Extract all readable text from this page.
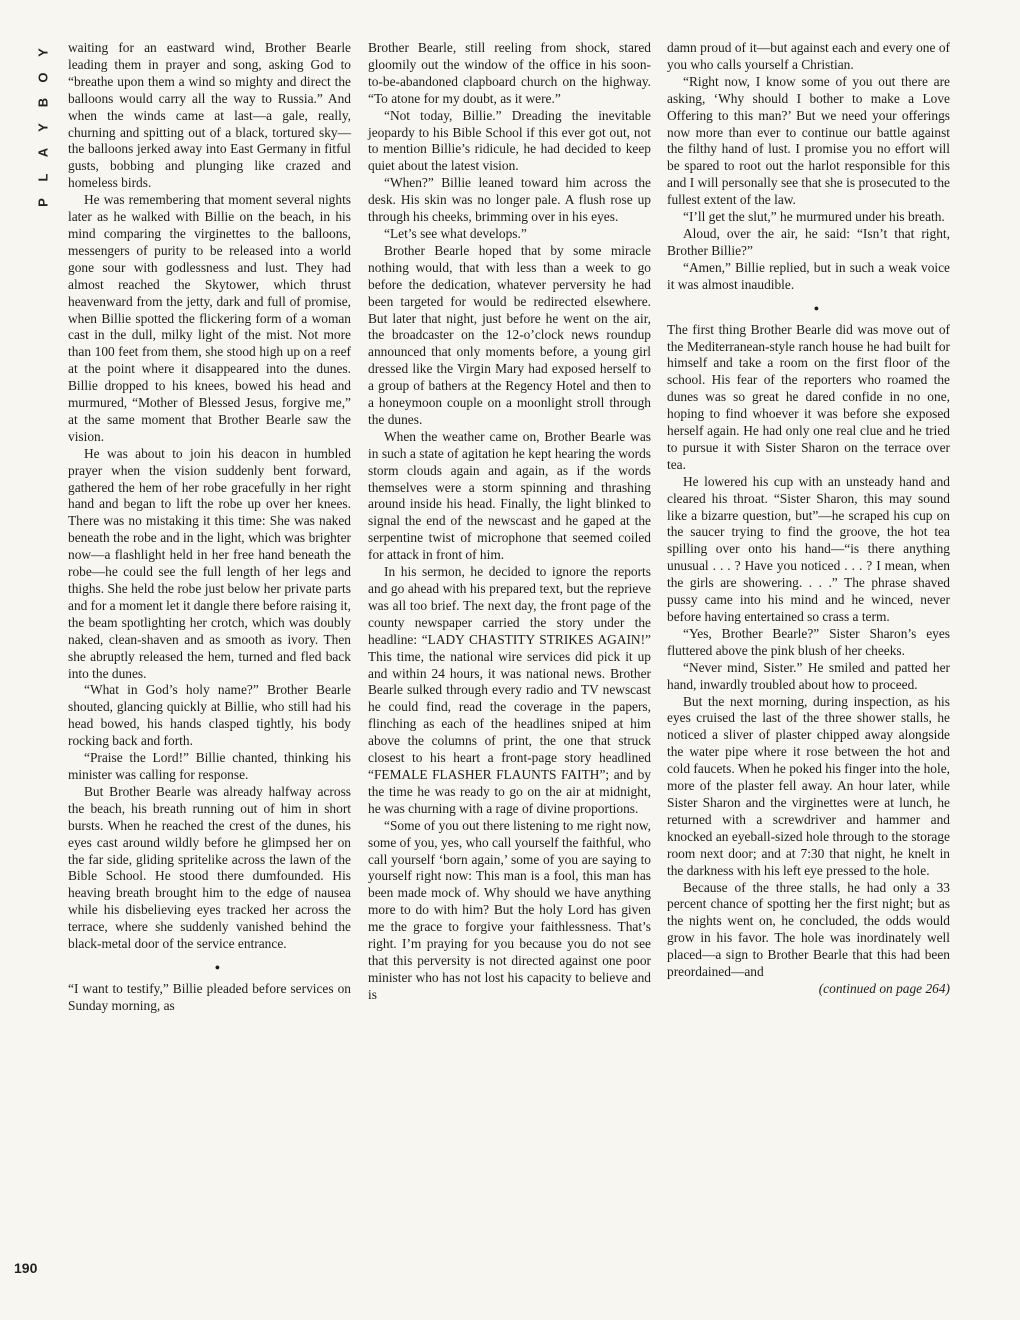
Y
O
B
Y
A
L
P
190

waiting for an eastward wind, Brother Bearle leading them in prayer and song, asking God to “breathe upon them a wind so mighty and direct the balloons would carry all the way to Russia.” And when the winds came at last—a gale, really, churning and spitting out of a black, tortured sky—the balloons jerked away into East Germany in fitful gusts, bobbing and plunging like crazed and homeless birds.

He was remembering that moment several nights later as he walked with Billie on the beach, in his mind comparing the virginettes to the balloons, messengers of purity to be released into a world gone sour with godlessness and lust. They had almost reached the Skytower, which thrust heavenward from the jetty, dark and full of promise, when Billie spotted the flickering form of a woman cast in the dull, milky light of the mist. Not more than 100 feet from them, she stood high up on a reef at the point where it disappeared into the dunes. Billie dropped to his knees, bowed his head and murmured, “Mother of Blessed Jesus, forgive me,” at the same moment that Brother Bearle saw the vision.

He was about to join his deacon in humbled prayer when the vision suddenly bent forward, gathered the hem of her robe gracefully in her right hand and began to lift the robe up over her knees. There was no mistaking it this time: She was naked beneath the robe and in the light, which was brighter now—a flashlight held in her free hand beneath the robe—he could see the full length of her legs and thighs. She held the robe just below her private parts and for a moment let it dangle there before raising it, the beam spotlighting her crotch, which was doubly naked, clean-shaven and as smooth as ivory. Then she abruptly released the hem, turned and fled back into the dunes.

“What in God’s holy name?” Brother Bearle shouted, glancing quickly at Billie, who still had his head bowed, his hands clasped tightly, his body rocking back and forth.

“Praise the Lord!” Billie chanted, thinking his minister was calling for response.

But Brother Bearle was already halfway across the beach, his breath running out of him in short bursts. When he reached the crest of the dunes, his eyes cast around wildly before he glimpsed her on the far side, gliding spritelike across the lawn of the Bible School. He stood there dumfounded. His heaving breath brought him to the edge of nausea while his disbelieving eyes tracked her across the terrace, where she suddenly vanished behind the black-metal door of the service entrance.

●

“I want to testify,” Billie pleaded before services on Sunday morning, as

Brother Bearle, still reeling from shock, stared gloomily out the window of the office in his soon-to-be-abandoned clapboard church on the highway. “To atone for my doubt, as it were.”

“Not today, Billie.” Dreading the inevitable jeopardy to his Bible School if this ever got out, not to mention Billie’s ridicule, he had decided to keep quiet about the latest vision.

“When?” Billie leaned toward him across the desk. His skin was no longer pale. A flush rose up through his cheeks, brimming over in his eyes.

“Let’s see what develops.”

Brother Bearle hoped that by some miracle nothing would, that with less than a week to go before the dedication, whatever perversity he had been targeted for would be redirected elsewhere. But later that night, just before he went on the air, the broadcaster on the 12-o’clock news roundup announced that only moments before, a young girl dressed like the Virgin Mary had exposed herself to a group of bathers at the Regency Hotel and then to a honeymoon couple on a moonlight stroll through the dunes.

When the weather came on, Brother Bearle was in such a state of agitation he kept hearing the words storm clouds again and again, as if the words themselves were a storm spinning and thrashing around inside his head. Finally, the light blinked to signal the end of the newscast and he gaped at the serpentine twist of microphone that seemed coiled for attack in front of him.

In his sermon, he decided to ignore the reports and go ahead with his prepared text, but the reprieve was all too brief. The next day, the front page of the county newspaper carried the story under the headline: “LADY CHASTITY STRIKES AGAIN!” This time, the national wire services did pick it up and within 24 hours, it was national news. Brother Bearle sulked through every radio and TV newscast he could find, read the coverage in the papers, flinching as each of the headlines sniped at him above the columns of print, the one that struck closest to his heart a front-page story headlined “FEMALE FLASHER FLAUNTS FAITH”; and by the time he was ready to go on the air at midnight, he was churning with a rage of divine proportions.

“Some of you out there listening to me right now, some of you, yes, who call yourself the faithful, who call yourself ‘born again,’ some of you are saying to yourself right now: This man is a fool, this man has been made mock of. Why should we have anything more to do with him? But the holy Lord has given me the grace to forgive your faithlessness. That’s right. I’m praying for you because you do not see that this perversity is not directed against one poor minister who has not lost his capacity to believe and is

damn proud of it—but against each and every one of you who calls yourself a Christian.

“Right now, I know some of you out there are asking, ‘Why should I bother to make a Love Offering to this man?’ But we need your offerings now more than ever to continue our battle against the filthy hand of lust. I promise you no effort will be spared to root out the harlot responsible for this and I will personally see that she is prosecuted to the fullest extent of the law.

“I’ll get the slut,” he murmured under his breath.

Aloud, over the air, he said: “Isn’t that right, Brother Billie?”

“Amen,” Billie replied, but in such a weak voice it was almost inaudible.

●

The first thing Brother Bearle did was move out of the Mediterranean-style ranch house he had built for himself and take a room on the first floor of the school. His fear of the reporters who roamed the dunes was so great he dared confide in no one, hoping to find whoever it was before she exposed herself again. He had only one real clue and he tried to pursue it with Sister Sharon on the terrace over tea.

He lowered his cup with an unsteady hand and cleared his throat. “Sister Sharon, this may sound like a bizarre question, but”—he scraped his cup on the saucer trying to find the groove, the hot tea spilling over onto his hand—“is there anything unusual . . . ? Have you noticed . . . ? I mean, when the girls are showering. . . .” The phrase shaved pussy came into his mind and he winced, never before having entertained so crass a term.

“Yes, Brother Bearle?” Sister Sharon’s eyes fluttered above the pink blush of her cheeks.

“Never mind, Sister.” He smiled and patted her hand, inwardly troubled about how to proceed.

But the next morning, during inspection, as his eyes cruised the last of the three shower stalls, he noticed a sliver of plaster chipped away alongside the water pipe where it rose between the hot and cold faucets. When he poked his finger into the hole, more of the plaster fell away. An hour later, while Sister Sharon and the virginettes were at lunch, he returned with a screwdriver and hammer and knocked an eyeball-sized hole through to the storage room next door; and at 7:30 that night, he knelt in the darkness with his left eye pressed to the hole.

Because of the three stalls, he had only a 33 percent chance of spotting her the first night; but as the nights went on, he concluded, the odds would grow in his favor. The hole was inordinately well placed—a sign to Brother Bearle that this had been preordained—and

(continued on page 264)
